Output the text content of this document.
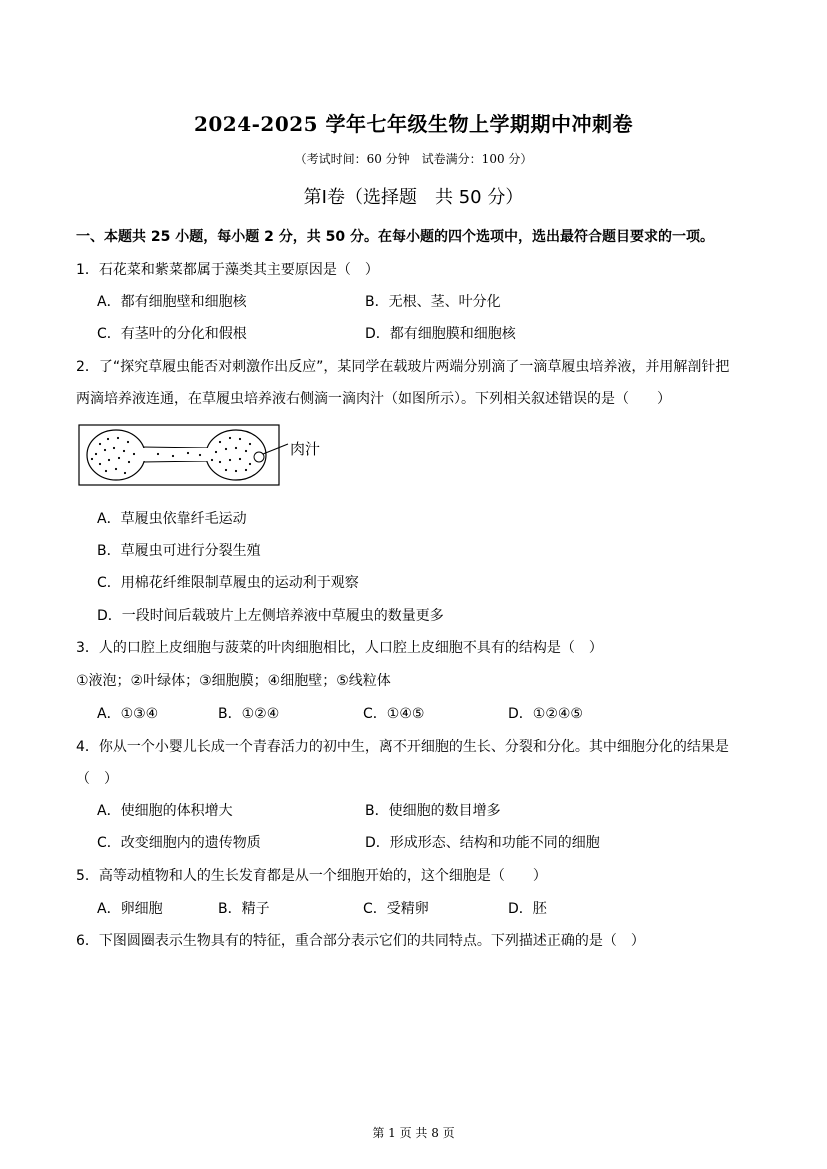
2024-2025 学年七年级生物上学期期中冲刺卷
（考试时间：60 分钟　试卷满分：100 分）
第Ⅰ卷（选择题　共 50 分）
一、本题共 25 小题，每小题 2 分，共 50 分。在每小题的四个选项中，选出最符合题目要求的一项。
1．石花菜和紫菜都属于藻类其主要原因是（　）
A．都有细胞壁和细胞核	B．无根、茎、叶分化
C．有茎叶的分化和假根	D．都有细胞膜和细胞核
2．了“探究草履虫能否对刺激作出反应”，某同学在载玻片两端分别滴了一滴草履虫培养液，并用解剖针把
两滴培养液连通，在草履虫培养液右侧滴一滴肉汁（如图所示）。下列相关叙述错误的是（　　）
肉汁
A．草履虫依靠纤毛运动
B．草履虫可进行分裂生殖
C．用棉花纤维限制草履虫的运动利于观察
D．一段时间后载玻片上左侧培养液中草履虫的数量更多
3．人的口腔上皮细胞与菠菜的叶肉细胞相比，人口腔上皮细胞不具有的结构是（　）
①液泡；②叶绿体；③细胞膜；④细胞壁；⑤线粒体
A．①③④	B．①②④	C．①④⑤	D．①②④⑤
4．你从一个小婴儿长成一个青春活力的初中生，离不开细胞的生长、分裂和分化。其中细胞分化的结果是
（　）
A．使细胞的体积增大	B．使细胞的数目增多
C．改变细胞内的遗传物质	D．形成形态、结构和功能不同的细胞
5．高等动植物和人的生长发育都是从一个细胞开始的，这个细胞是（　　）
A．卵细胞	B．精子	C．受精卵	D．胚
6．下图圆圈表示生物具有的特征，重合部分表示它们的共同特点。下列描述正确的是（　）
第 1 页 共 8 页
